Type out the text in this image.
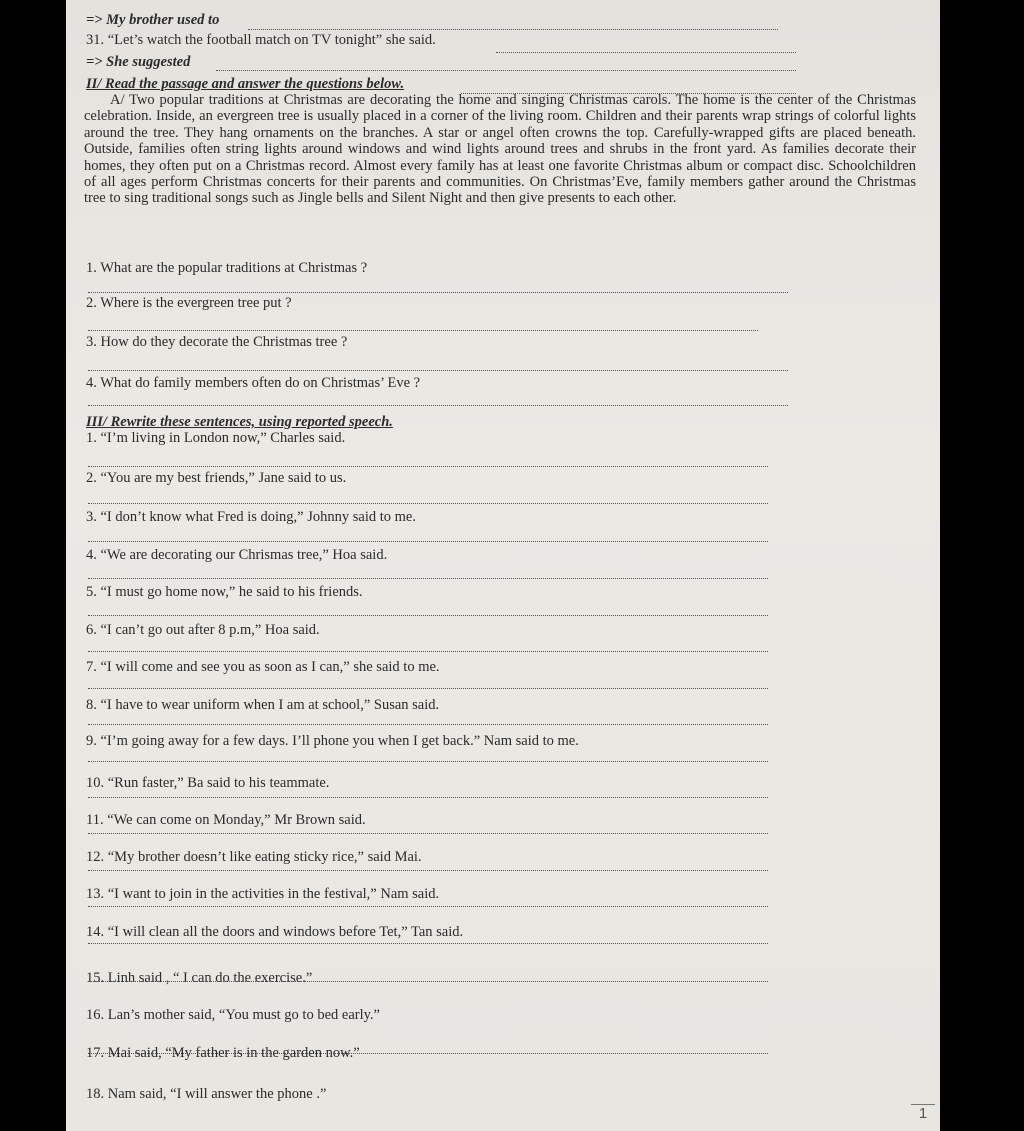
=> My brother used to
31. “Let’s watch the football match on TV tonight” she said.
=> She suggested
II/ Read the passage and answer the questions below.
A/ Two popular traditions at Christmas are decorating the home and singing Christmas carols. The home is the center of the Christmas celebration. Inside, an evergreen tree is usually placed in a corner of the living room. Children and their parents wrap strings of colorful lights around the tree. They hang ornaments on the branches. A star or angel often crowns the top. Carefully-wrapped gifts are placed beneath. Outside, families often string lights around windows and wind lights around trees and shrubs in the front yard. As families decorate their homes, they often put on a Christmas record. Almost every family has at least one favorite Christmas album or compact disc. Schoolchildren of all ages perform Christmas concerts for their parents and communities. On Christmas’Eve, family members gather around the Christmas tree to sing traditional songs such as Jingle bells and Silent Night and then give presents to each other.
1. What are the popular traditions at Christmas ?
2. Where is the evergreen tree put ?
3. How do they decorate the Christmas tree ?
4. What do family members often do on Christmas’ Eve ?
III/ Rewrite these sentences, using reported speech.
1. “I’m living in London now,” Charles said.
2. “You are my best friends,” Jane said to us.
3. “I don’t know what Fred is doing,” Johnny said to me.
4. “We are decorating our Chrismas tree,” Hoa said.
5. “I must go home now,” he said to his friends.
6. “I can’t go out after 8 p.m,” Hoa said.
7. “I will come and see you as soon as I can,” she said to me.
8. “I have to wear uniform when I am at school,” Susan said.
9. “I’m going away for a few days. I’ll phone you when I get back.” Nam said to me.
10. “Run faster,” Ba said to his teammate.
11. “We can come on Monday,” Mr Brown said.
12. “My brother doesn’t like eating sticky rice,” said Mai.
13. “I want to join in the activities in the festival,” Nam said.
14. “I will clean all the doors and windows before Tet,” Tan said.
15. Linh said , “ I can do the exercise.”
16. Lan’s mother said, “You must go to bed early.”
17. Mai said, “My father is in the garden now.”
18. Nam said, “I will answer the phone .”
1
